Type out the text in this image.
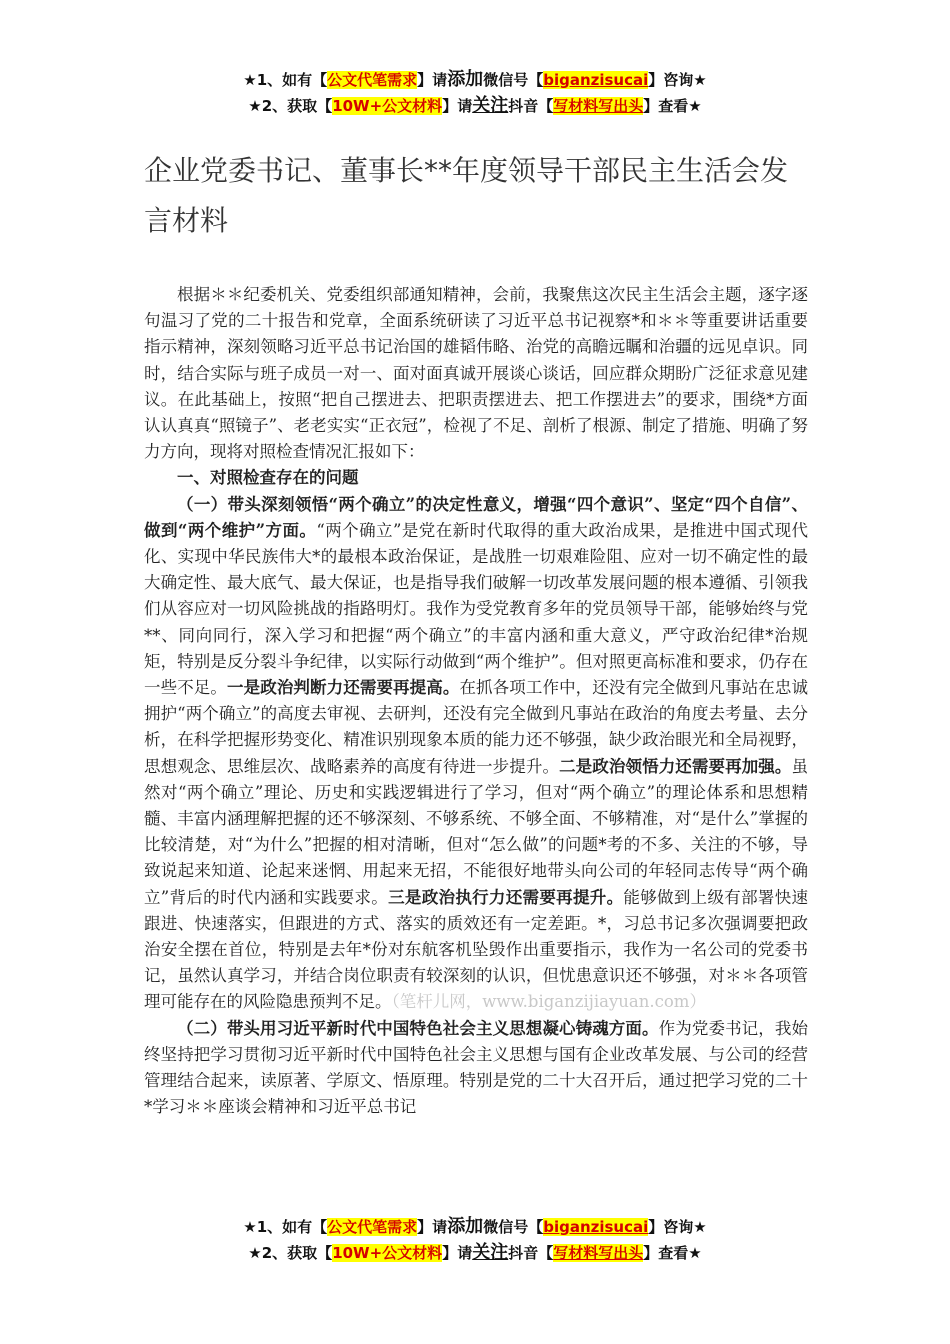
★1、如有【公文代笔需求】请添加微信号【biganzisucai】咨询★
★2、获取【10W+公文材料】请关注抖音【写材料写出头】查看★
企业党委书记、董事长**年度领导干部民主生活会发言材料

根据＊＊纪委机关、党委组织部通知精神，会前，我聚焦这次民主生活会主题，逐字逐句温习了党的二十报告和党章，全面系统研读了习近平总书记视察*和＊＊等重要讲话重要指示精神，深刻领略习近平总书记治国的雄韬伟略、治党的高瞻远瞩和治疆的远见卓识。同时，结合实际与班子成员一对一、面对面真诚开展谈心谈话，回应群众期盼广泛征求意见建议。在此基础上，按照“把自己摆进去、把职责摆进去、把工作摆进去”的要求，围绕*方面认认真真“照镜子”、老老实实“正衣冠”，检视了不足、剖析了根源、制定了措施、明确了努力方向，现将对照检查情况汇报如下：

一、对照检查存在的问题

（一）带头深刻领悟“两个确立”的决定性意义，增强“四个意识”、坚定“四个自信”、做到“两个维护”方面。“两个确立”是党在新时代取得的重大政治成果，是推进中国式现代化、实现中华民族伟大*的最根本政治保证，是战胜一切艰难险阻、应对一切不确定性的最大确定性、最大底气、最大保证，也是指导我们破解一切改革发展问题的根本遵循、引领我们从容应对一切风险挑战的指路明灯。我作为受党教育多年的党员领导干部，能够始终与党**、同向同行，深入学习和把握“两个确立”的丰富内涵和重大意义，严守政治纪律*治规矩，特别是反分裂斗争纪律，以实际行动做到“两个维护”。但对照更高标准和要求，仍存在一些不足。一是政治判断力还需要再提高。在抓各项工作中，还没有完全做到凡事站在忠诚拥护“两个确立”的高度去审视、去研判，还没有完全做到凡事站在政治的角度去考量、去分析，在科学把握形势变化、精准识别现象本质的能力还不够强，缺少政治眼光和全局视野，思想观念、思维层次、战略素养的高度有待进一步提升。二是政治领悟力还需要再加强。虽然对“两个确立”理论、历史和实践逻辑进行了学习，但对“两个确立”的理论体系和思想精髓、丰富内涵理解把握的还不够深刻、不够系统、不够全面、不够精准，对“是什么”掌握的比较清楚，对“为什么”把握的相对清晰，但对“怎么做”的问题*考的不多、关注的不够，导致说起来知道、论起来迷惘、用起来无招，不能很好地带头向公司的年轻同志传导“两个确立”背后的时代内涵和实践要求。三是政治执行力还需要再提升。能够做到上级有部署快速跟进、快速落实，但跟进的方式、落实的质效还有一定差距。*，习总书记多次强调要把政治安全摆在首位，特别是去年*份对东航客机坠毁作出重要指示，我作为一名公司的党委书记，虽然认真学习，并结合岗位职责有较深刻的认识，但忧患意识还不够强，对＊＊各项管理可能存在的风险隐患预判不足。（笔杆儿网，www.biganzijiayuan.com）

（二）带头用习近平新时代中国特色社会主义思想凝心铸魂方面。作为党委书记，我始终坚持把学习贯彻习近平新时代中国特色社会主义思想与国有企业改革发展、与公司的经营管理结合起来，读原著、学原文、悟原理。特别是党的二十大召开后，通过把学习党的二十*学习＊＊座谈会精神和习近平总书记

★1、如有【公文代笔需求】请添加微信号【biganzisucai】咨询★
★2、获取【10W+公文材料】请关注抖音【写材料写出头】查看★
